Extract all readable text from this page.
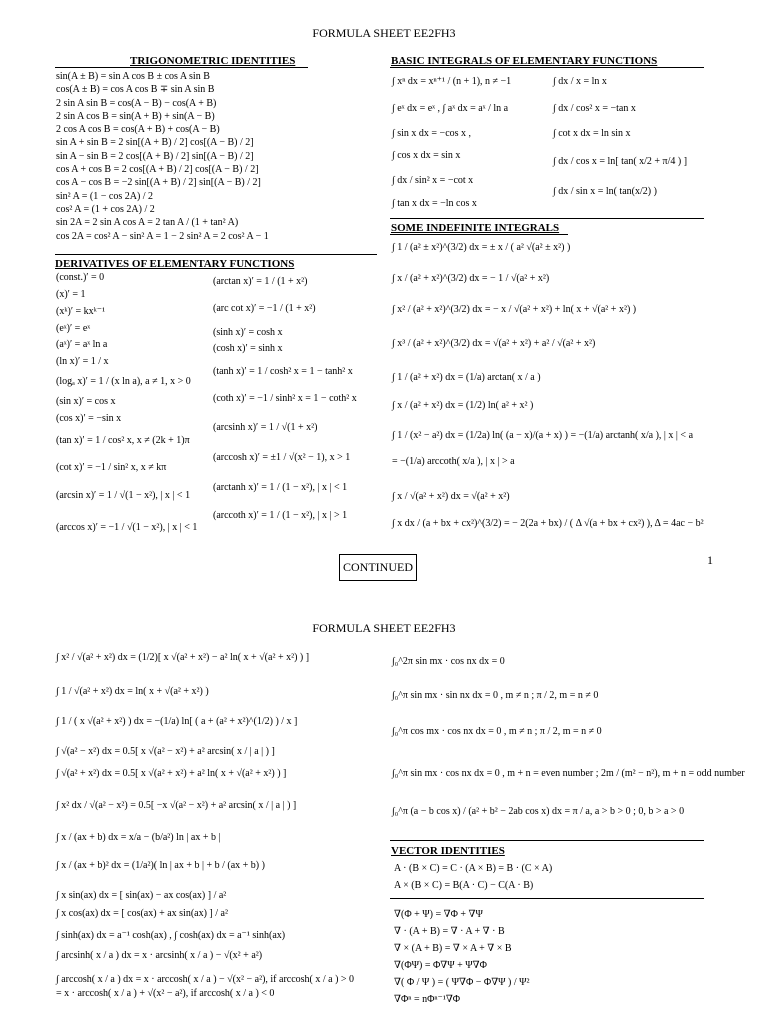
FORMULA SHEET EE2FH3
TRIGONOMETRIC IDENTITIES
sin(A ± B) = sin A cos B ± cos A sin B
cos(A ± B) = cos A cos B ∓ sin A sin B
2 sin A sin B = cos(A − B) − cos(A + B)
2 sin A cos B = sin(A + B) + sin(A − B)
2 cos A cos B = cos(A + B) + cos(A − B)
sin A + sin B = 2 sin[(A + B) / 2] cos[(A − B) / 2]
sin A − sin B = 2 cos[(A + B) / 2] sin[(A − B) / 2]
cos A + cos B = 2 cos[(A + B) / 2] cos[(A − B) / 2]
cos A − cos B = −2 sin[(A + B) / 2] sin[(A − B) / 2]
sin² A = (1 − cos 2A) / 2
cos² A = (1 + cos 2A) / 2
sin 2A = 2 sin A cos A = 2 tan A / (1 + tan² A)
cos 2A = cos² A − sin² A = 1 − 2 sin² A = 2 cos² A − 1
DERIVATIVES OF ELEMENTARY FUNCTIONS
(const.)′ = 0
(x)′ = 1
(xᵏ)′ = kxᵏ⁻¹
(eˣ)′ = eˣ
(aˣ)′ = aˣ ln a
(ln x)′ = 1 / x
(logₐ x)′ = 1 / (x ln a), a ≠ 1, x > 0
(sin x)′ = cos x
(cos x)′ = −sin x
(tan x)′ = 1 / cos² x, x ≠ (2k + 1)π
(cot x)′ = −1 / sin² x, x ≠ kπ
(arcsin x)′ = 1 / √(1 − x²), | x | < 1
(arccos x)′ = −1 / √(1 − x²), | x | < 1
(arctan x)′ = 1 / (1 + x²)
(arc cot x)′ = −1 / (1 + x²)
(sinh x)′ = cosh x
(cosh x)′ = sinh x
(tanh x)′ = 1 / cosh² x = 1 − tanh² x
(coth x)′ = −1 / sinh² x = 1 − coth² x
(arcsinh x)′ = 1 / √(1 + x²)
(arccosh x)′ = ±1 / √(x² − 1), x > 1
(arctanh x)′ = 1 / (1 − x²), | x | < 1
(arccoth x)′ = 1 / (1 − x²), | x | > 1
BASIC INTEGRALS OF ELEMENTARY FUNCTIONS
∫ xⁿ dx = xⁿ⁺¹ / (n + 1), n ≠ −1
∫ eˣ dx = eˣ , ∫ aˣ dx = aˣ / ln a
∫ sin x dx = −cos x ,
∫ cos x dx = sin x
∫ dx / sin² x = −cot x
∫ tan x dx = −ln cos x
∫ dx / x = ln x
∫ dx / cos² x = −tan x
∫ cot x dx = ln sin x
∫ dx / cos x = ln[ tan( x/2 + π/4 ) ]
∫ dx / sin x = ln( tan(x/2) )
SOME INDEFINITE INTEGRALS
∫ 1 / (a² ± x²)^(3/2) dx = ± x / ( a² √(a² ± x²) )
∫ x / (a² + x²)^(3/2) dx = − 1 / √(a² + x²)
∫ x² / (a² + x²)^(3/2) dx = − x / √(a² + x²) + ln( x + √(a² + x²) )
∫ x³ / (a² + x²)^(3/2) dx = √(a² + x²) + a² / √(a² + x²)
∫ 1 / (a² + x²) dx = (1/a) arctan( x / a )
∫ x / (a² + x²) dx = (1/2) ln( a² + x² )
∫ 1 / (x² − a²) dx = (1/2a) ln( (a − x)/(a + x) ) = −(1/a) arctanh( x/a ), | x | < a
= −(1/a) arccoth( x/a ), | x | > a
∫ x / √(a² + x²) dx = √(a² + x²)
∫ x dx / (a + bx + cx²)^(3/2) = − 2(2a + bx) / ( Δ √(a + bx + cx²) ), Δ = 4ac − b²
CONTINUED	1
FORMULA SHEET EE2FH3
∫ x² / √(a² + x²) dx = (1/2)[ x √(a² + x²) − a² ln( x + √(a² + x²) ) ]
∫ 1 / √(a² + x²) dx = ln( x + √(a² + x²) )
∫ 1 / ( x √(a² + x²) ) dx = −(1/a) ln[ ( a + (a² + x²)^(1/2) ) / x ]
∫ √(a² − x²) dx = 0.5[ x √(a² − x²) + a² arcsin( x / | a | ) ]
∫ √(a² + x²) dx = 0.5[ x √(a² + x²) + a² ln( x + √(a² + x²) ) ]
∫ x² dx / √(a² − x²) = 0.5[ −x √(a² − x²) + a² arcsin( x / | a | ) ]
∫ x / (ax + b) dx = x/a − (b/a²) ln | ax + b |
∫ x / (ax + b)² dx = (1/a²)( ln | ax + b | + b / (ax + b) )
∫ x sin(ax) dx = [ sin(ax) − ax cos(ax) ] / a²
∫ x cos(ax) dx = [ cos(ax) + ax sin(ax) ] / a²
∫ sinh(ax) dx = a⁻¹ cosh(ax) , ∫ cosh(ax) dx = a⁻¹ sinh(ax)
∫ arcsinh( x / a ) dx = x · arcsinh( x / a ) − √(x² + a²)
∫ arccosh( x / a ) dx = x · arccosh( x / a ) − √(x² − a²), if arccosh( x / a ) > 0
= x · arccosh( x / a ) + √(x² − a²), if arccosh( x / a ) < 0
∫₀^2π sin mx · cos nx dx = 0
∫₀^π sin mx · sin nx dx = 0 , m ≠ n ; π / 2, m = n ≠ 0
∫₀^π cos mx · cos nx dx = 0 , m ≠ n ; π / 2, m = n ≠ 0
∫₀^π sin mx · cos nx dx = 0 , m + n = even number ; 2m / (m² − n²), m + n = odd number
∫₀^π (a − b cos x) / (a² + b² − 2ab cos x) dx = π / a, a > b > 0 ; 0, b > a > 0
VECTOR IDENTITIES
A · (B × C) = C · (A × B) = B · (C × A)
A × (B × C) = B(A · C) − C(A · B)
∇(Φ + Ψ) = ∇Φ + ∇Ψ
∇ · (A + B) = ∇ · A + ∇ · B
∇ × (A + B) = ∇ × A + ∇ × B
∇(ΦΨ) = Φ∇Ψ + Ψ∇Φ
∇( Φ / Ψ ) = ( Ψ∇Φ − Φ∇Ψ ) / Ψ²
∇Φⁿ = nΦⁿ⁻¹∇Φ
